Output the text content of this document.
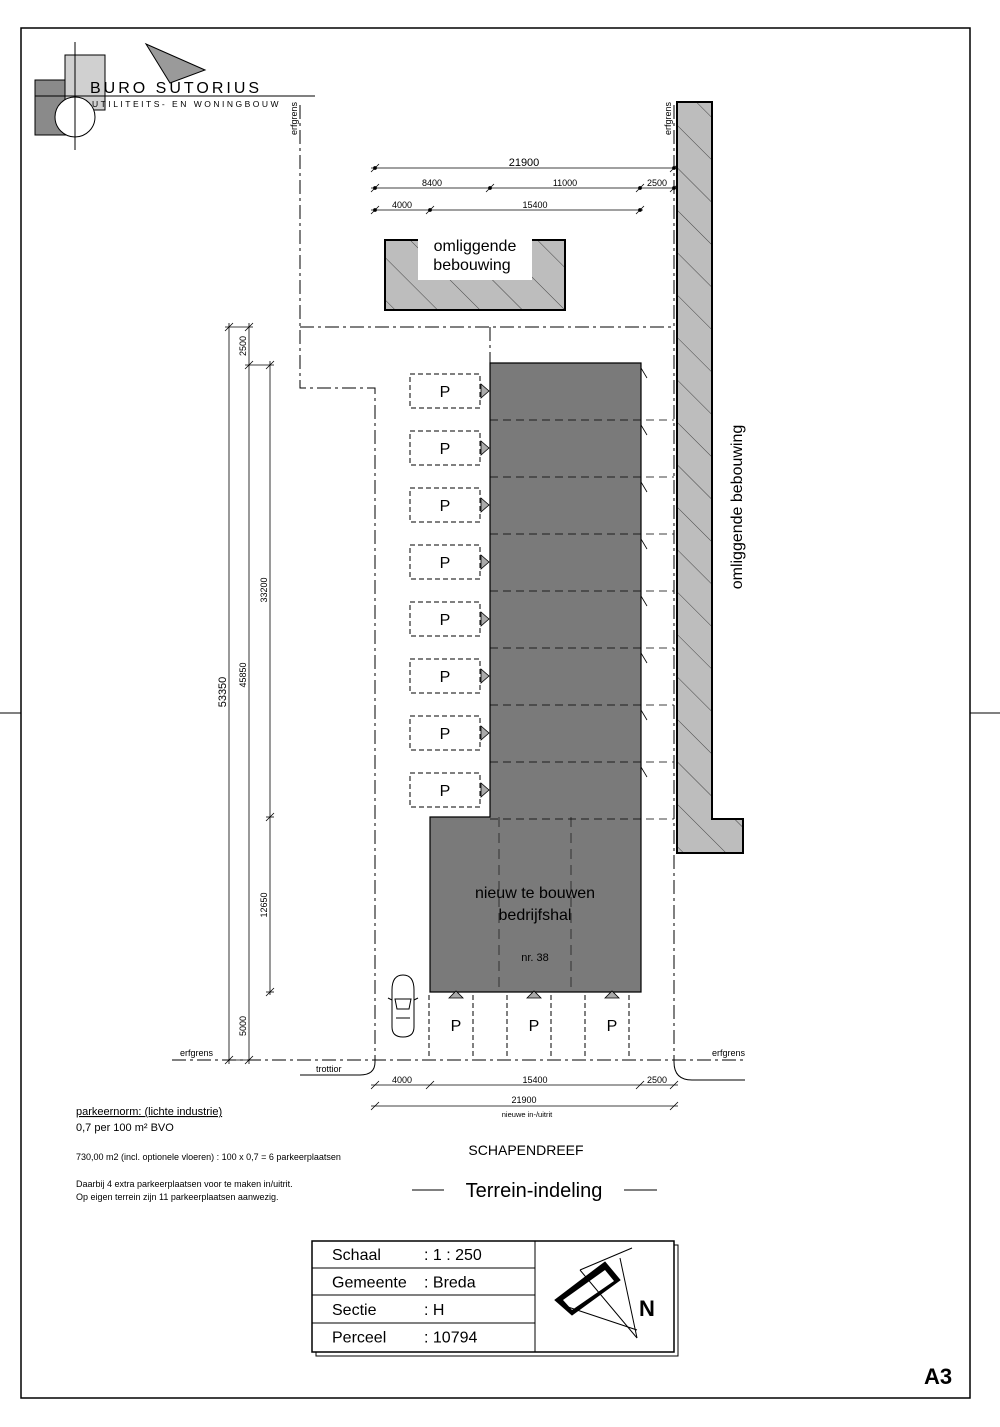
BURO SUTORIUS
UTILITEITS- EN WONINGBOUW erfgrens	erfgrens
erfgrens	erfgrens
trottior
21900
8400	11000	2500
4000	15400
53350
2500
45850
33200
12650
5000
omliggende
bebouwing
omliggende bebouwing
nieuw te bouwen
bedrijfshal
nr. 38
P
P
P
P
P
P
P
P
P	P	P
4000	15400	2500
21900
nieuwe in-/uitrit
parkeernorm: (lichte industrie)
0,7 per 100 m² BVO
730,00 m2 (incl. optionele vloeren) : 100 x 0,7 = 6 parkeerplaatsen
Daarbij 4 extra parkeerplaatsen voor te maken in/uitrit.
Op eigen terrein zijn 11 parkeerplaatsen aanwezig.
SCHAPENDREEF
Terrein-indeling
Schaal	: 1 : 250
Gemeente : Breda
Sectie	: H
Perceel : 10794
N
A3
